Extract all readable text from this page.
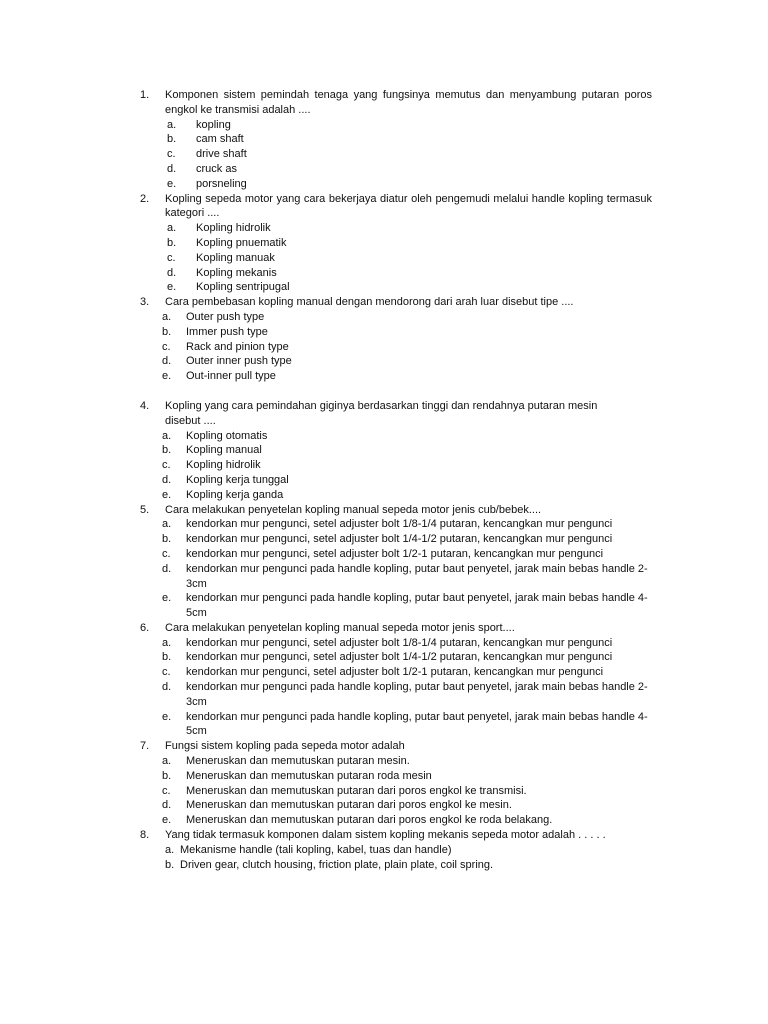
1. Komponen sistem pemindah tenaga yang fungsinya memutus dan menyambung putaran poros engkol ke transmisi adalah ....
a. kopling
b. cam shaft
c. drive shaft
d. cruck as
e. porsneling
2. Kopling sepeda motor yang cara bekerjaya diatur oleh pengemudi melalui handle kopling termasuk kategori ....
a. Kopling hidrolik
b. Kopling pnuematik
c. Kopling manuak
d. Kopling mekanis
e. Kopling sentripugal
3. Cara pembebasan kopling manual dengan mendorong dari arah luar disebut tipe ....
a. Outer push type
b. Immer push type
c. Rack and pinion type
d. Outer inner push type
e. Out-inner pull type
4. Kopling yang cara pemindahan giginya berdasarkan tinggi dan rendahnya putaran mesin disebut ....
a. Kopling otomatis
b. Kopling manual
c. Kopling hidrolik
d. Kopling kerja tunggal
e. Kopling kerja ganda
5. Cara melakukan penyetelan kopling manual sepeda motor jenis cub/bebek....
a. kendorkan mur pengunci, setel adjuster bolt 1/8-1/4 putaran, kencangkan mur pengunci
b. kendorkan mur pengunci, setel adjuster bolt 1/4-1/2 putaran, kencangkan mur pengunci
c. kendorkan mur pengunci, setel adjuster bolt 1/2-1 putaran, kencangkan mur pengunci
d. kendorkan mur pengunci pada handle kopling, putar baut penyetel, jarak main bebas handle 2-3cm
e. kendorkan mur pengunci pada handle kopling, putar baut penyetel, jarak main bebas handle 4-5cm
6. Cara melakukan penyetelan kopling manual sepeda motor jenis sport....
a. kendorkan mur pengunci, setel adjuster bolt 1/8-1/4 putaran, kencangkan mur pengunci
b. kendorkan mur pengunci, setel adjuster bolt 1/4-1/2 putaran, kencangkan mur pengunci
c. kendorkan mur pengunci, setel adjuster bolt 1/2-1 putaran, kencangkan mur pengunci
d. kendorkan mur pengunci pada handle kopling, putar baut penyetel, jarak main bebas handle 2-3cm
e. kendorkan mur pengunci pada handle kopling, putar baut penyetel, jarak main bebas handle 4-5cm
7. Fungsi sistem kopling pada sepeda motor adalah
a. Meneruskan dan memutuskan putaran mesin.
b. Meneruskan dan memutuskan putaran roda mesin
c. Meneruskan dan memutuskan putaran dari poros engkol ke transmisi.
d. Meneruskan dan memutuskan putaran dari poros engkol ke mesin.
e. Meneruskan dan memutuskan putaran dari poros engkol ke roda belakang.
8. Yang tidak termasuk komponen dalam sistem kopling mekanis sepeda motor adalah . . . . .
a. Mekanisme handle (tali kopling, kabel, tuas dan handle)
b. Driven gear, clutch housing, friction plate, plain plate, coil spring.
